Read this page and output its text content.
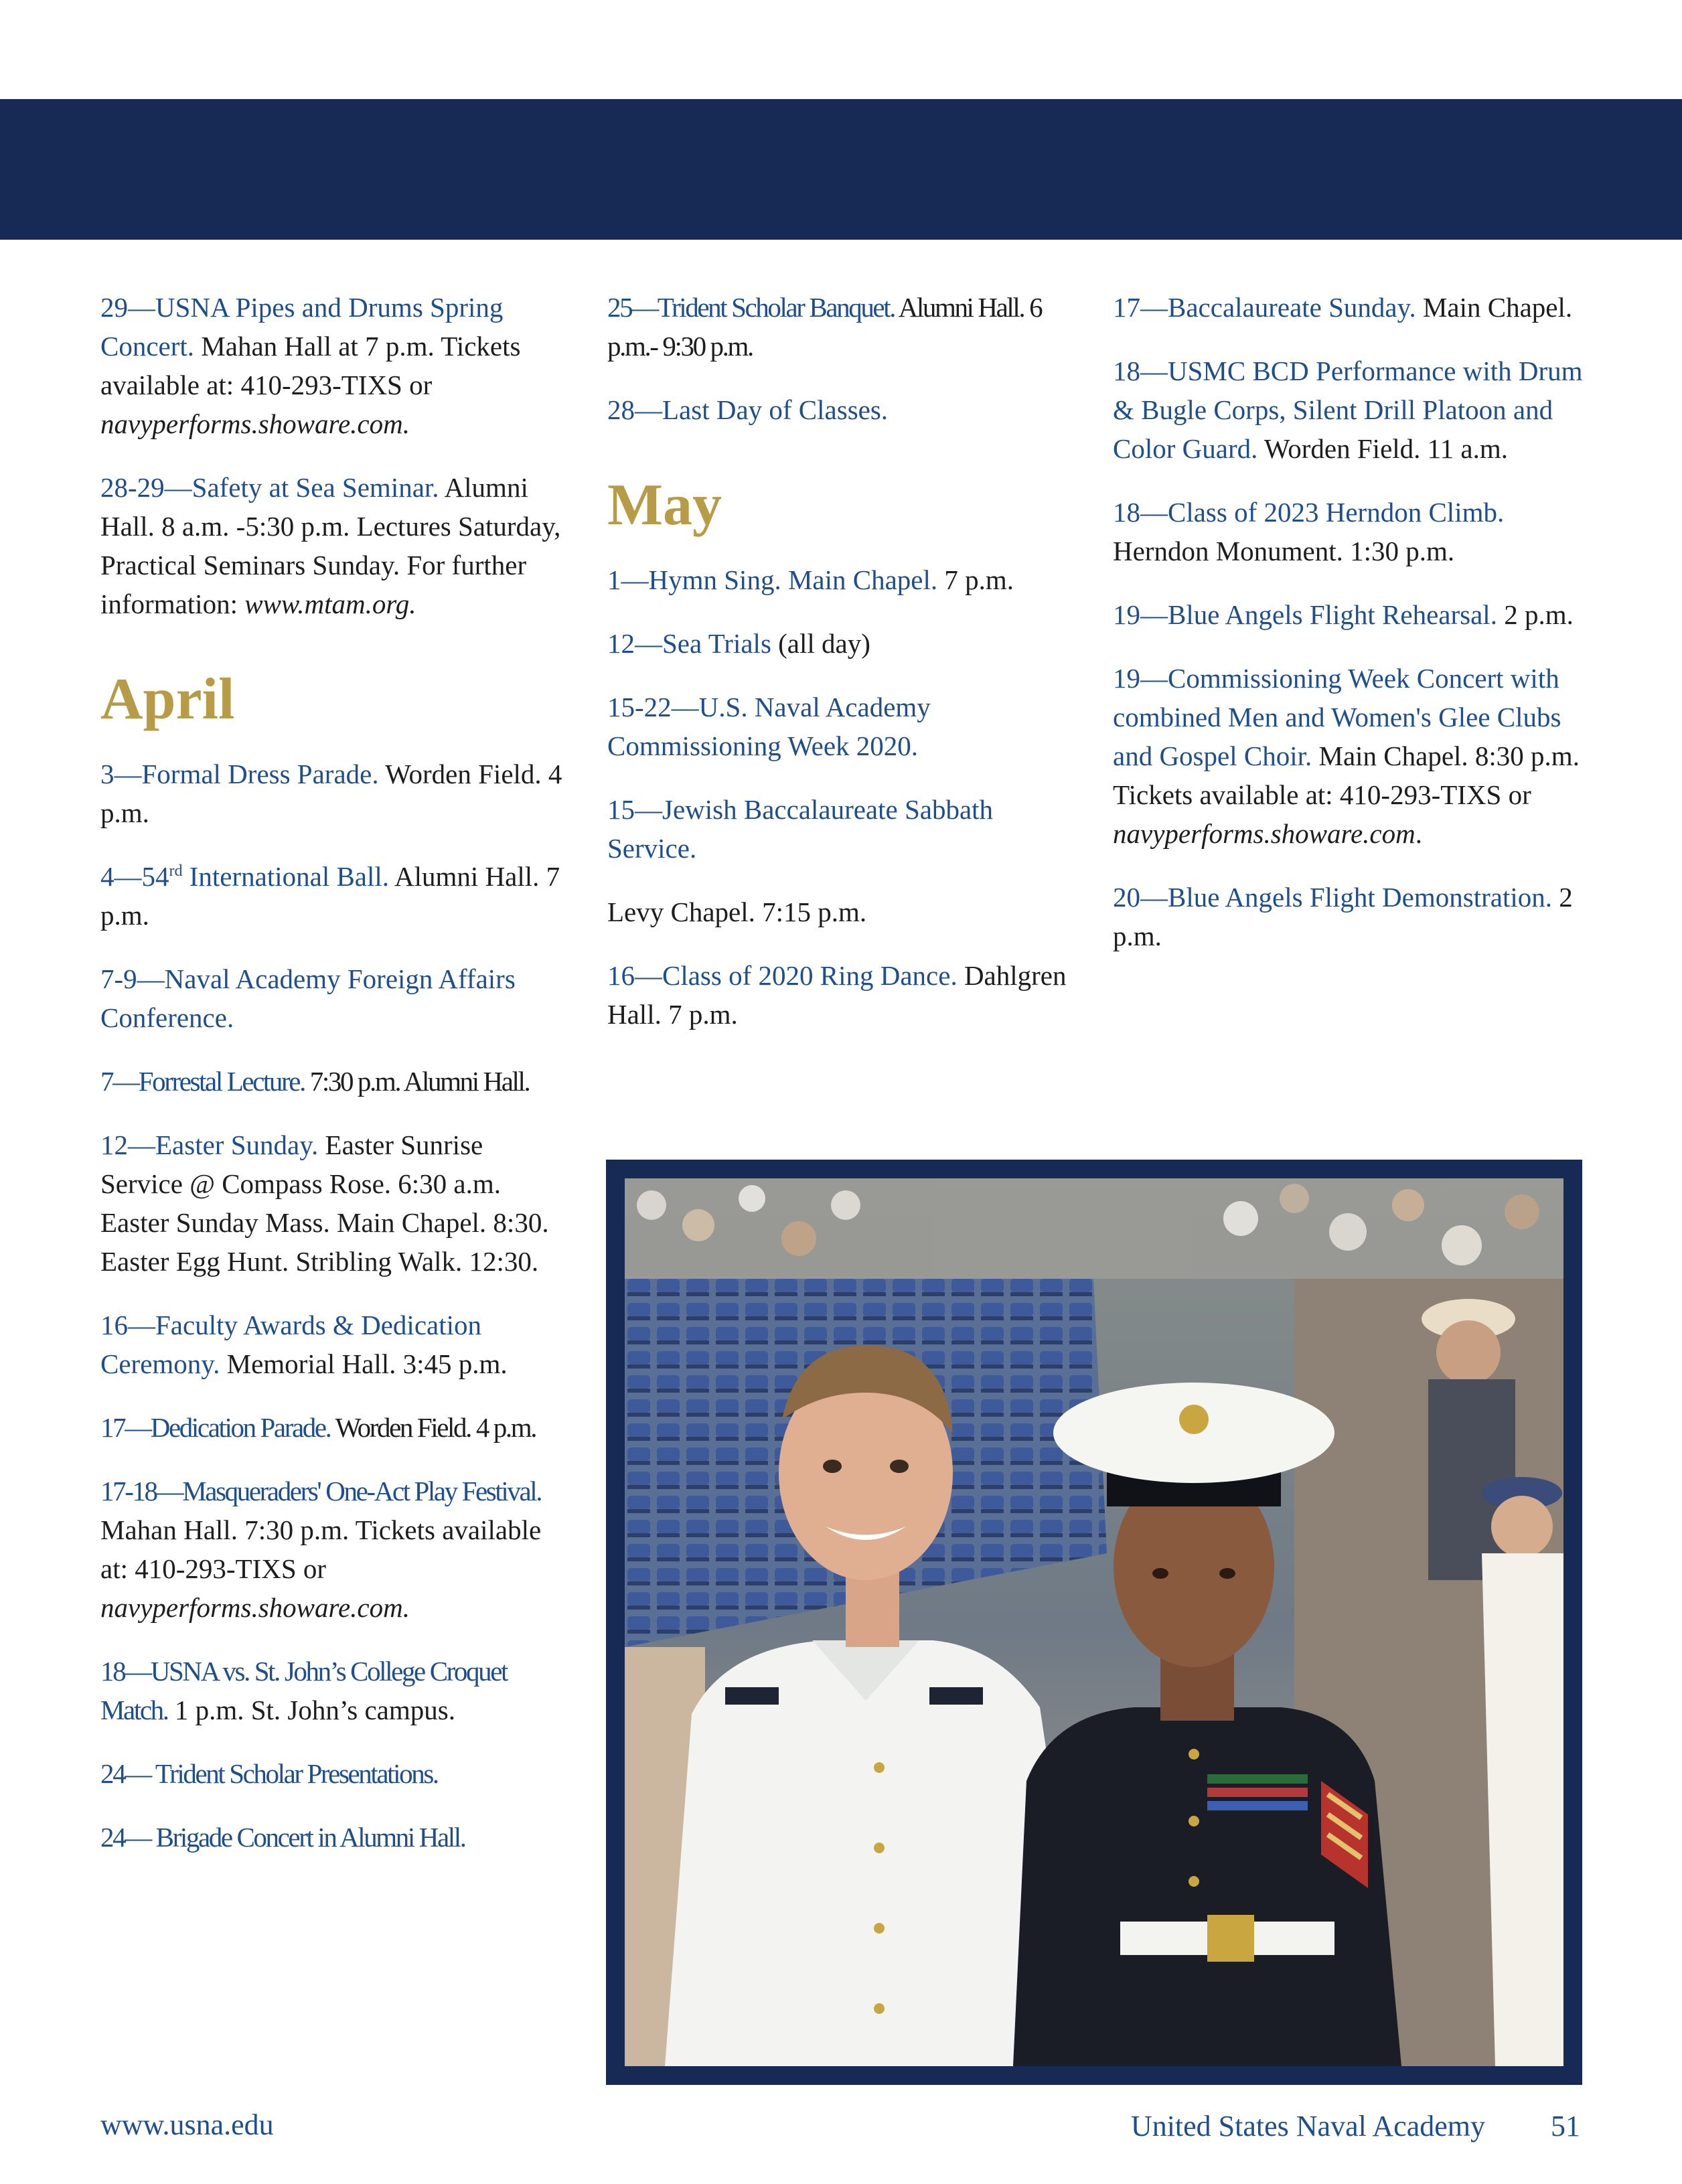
29—USNA Pipes and Drums Spring Concert. Mahan Hall at 7 p.m. Tickets available at: 410-293-TIXS or navyperforms.showare.com.

28-29—Safety at Sea Seminar. Alumni Hall. 8 a.m. -5:30 p.m. Lectures Saturday, Practical Seminars Sunday. For further information: www.mtam.org.

April

3—Formal Dress Parade. Worden Field. 4 p.m.

4—54rd International Ball. Alumni Hall. 7 p.m.

7-9—Naval Academy Foreign Affairs Conference.

7—Forrestal Lecture. 7:30 p.m. Alumni Hall.

12—Easter Sunday. Easter Sunrise Service @ Compass Rose. 6:30 a.m. Easter Sunday Mass. Main Chapel. 8:30. Easter Egg Hunt. Stribling Walk. 12:30.

16—Faculty Awards & Dedication Ceremony. Memorial Hall. 3:45 p.m.

17—Dedication Parade. Worden Field. 4 p.m.

17-18—Masqueraders' One-Act Play Festival. Mahan Hall. 7:30 p.m. Tickets available at: 410-293-TIXS or navyperforms.showare.com.

18—USNA vs. St. John’s College Croquet Match. 1 p.m. St. John’s campus.

24— Trident Scholar Presentations.

24— Brigade Concert in Alumni Hall.

25—Trident Scholar Banquet. Alumni Hall. 6 p.m.- 9:30 p.m.

28—Last Day of Classes.

May

1—Hymn Sing. Main Chapel. 7 p.m.

12—Sea Trials (all day)

15-22—U.S. Naval Academy Commissioning Week 2020.

15—Jewish Baccalaureate Sabbath Service.

Levy Chapel. 7:15 p.m.

16—Class of 2020 Ring Dance. Dahlgren Hall. 7 p.m.

17—Baccalaureate Sunday. Main Chapel.

18—USMC BCD Performance with Drum & Bugle Corps, Silent Drill Platoon and Color Guard. Worden Field. 11 a.m.

18—Class of 2023 Herndon Climb. Herndon Monument. 1:30 p.m.

19—Blue Angels Flight Rehearsal. 2 p.m.

19—Commissioning Week Concert with combined Men and Women's Glee Clubs and Gospel Choir. Main Chapel. 8:30 p.m. Tickets available at: 410-293-TIXS or navyperforms.showare.com.

20—Blue Angels Flight Demonstration. 2 p.m.

www.usna.edu	United States Naval Academy 51
